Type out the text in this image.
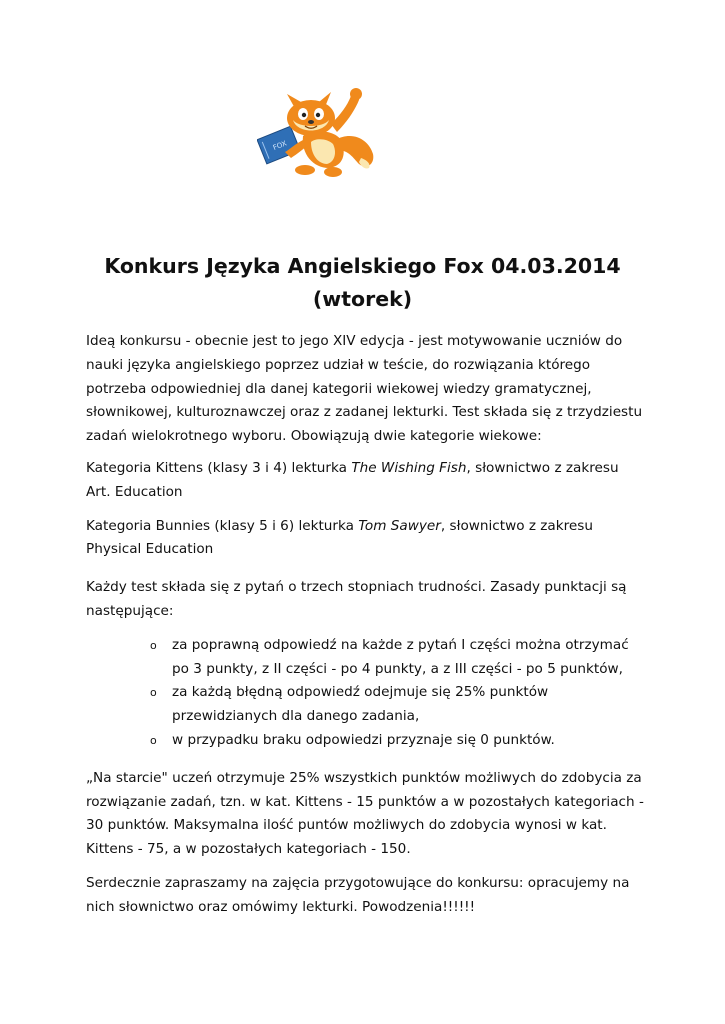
FOX
Konkurs Języka Angielskiego Fox 04.03.2014
(wtorek)

Ideą konkursu - obecnie jest to jego XIV edycja - jest motywowanie uczniów do nauki języka angielskiego poprzez udział w teście, do rozwiązania którego potrzeba odpowiedniej dla danej kategorii wiekowej wiedzy gramatycznej, słownikowej, kulturoznawczej oraz z zadanej lekturki. Test składa się z trzydziestu zadań wielokrotnego wyboru. Obowiązują dwie kategorie wiekowe:

Kategoria Kittens (klasy 3 i 4) lekturka The Wishing Fish, słownictwo z zakresu Art. Education

Kategoria Bunnies (klasy 5 i 6) lekturka Tom Sawyer, słownictwo z zakresu Physical Education

Każdy test składa się z pytań o trzech stopniach trudności. Zasady punktacji są następujące:

o za poprawną odpowiedź na każde z pytań I części można otrzymać po 3 punkty, z II części - po 4 punkty, a z III części - po 5 punktów,
o za każdą błędną odpowiedź odejmuje się 25% punktów przewidzianych dla danego zadania,
o w przypadku braku odpowiedzi przyznaje się 0 punktów.

„Na starcie" uczeń otrzymuje 25% wszystkich punktów możliwych do zdobycia za rozwiązanie zadań, tzn. w kat. Kittens - 15 punktów a w pozostałych kategoriach - 30 punktów. Maksymalna ilość puntów możliwych do zdobycia wynosi w kat. Kittens - 75, a w pozostałych kategoriach - 150.

Serdecznie zapraszamy na zajęcia przygotowujące do konkursu: opracujemy na nich słownictwo oraz omówimy lekturki. Powodzenia!!!!!!
